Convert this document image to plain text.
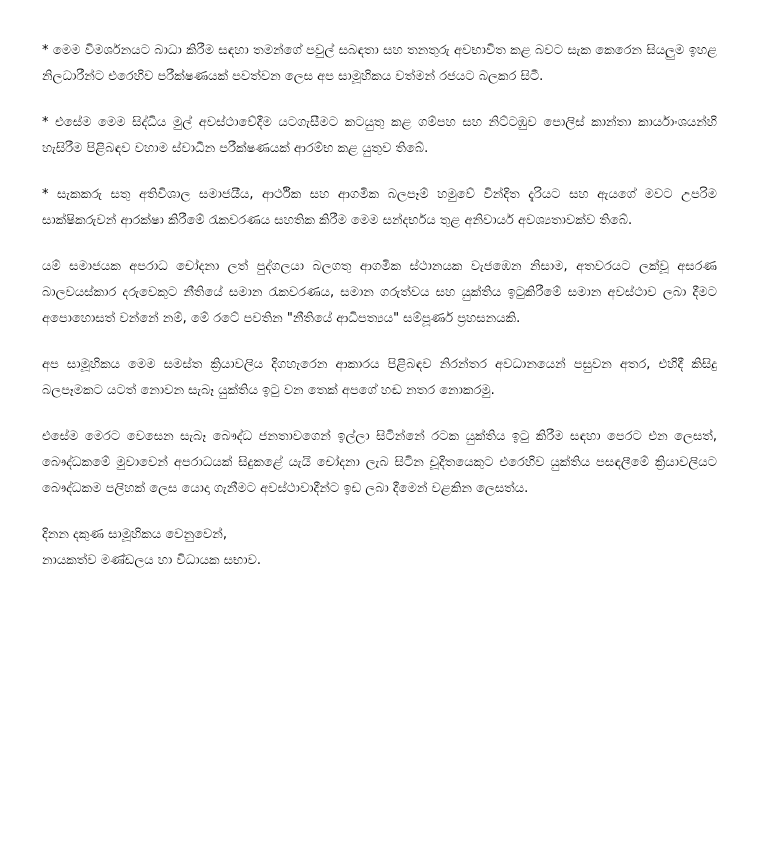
* මෙම විමර්ශනයට බාධා කිරීම සඳහා තමන්ගේ පවුල් සබඳතා සහ තනතුරු අවභාවිත කළ බවට සැක කෙරෙන සියලුම ඉහළ නිලධාරීන්ට එරෙහිව පරීක්ෂණයක් පවත්වන ලෙස අප සාමූහිකය වත්මන් රජයට බලකර සිටී.

* එසේම මෙම සිද්ධිය මුල් අවස්ථාවේදීම යටගැසීමට කටයුතු කළ ගම්පහ සහ නිට්ටඹුව පොලිස් කාන්තා කාර්යාංශයන්හි හැසිරීම පිළිබඳව වහාම ස්වාධීන පරීක්ෂණයක් ආරම්භ කළ යුතුව තිබේ.

* සැකකරු සතු අතිවිශාල සමාජයීය, ආර්ථික සහ ආගමික බලපෑම් හමුවේ වින්දිත දැරියට සහ ඇයගේ මවට උපරිම සාක්ෂිකරුවන් ආරක්ෂා කිරීමේ රැකවරණය සහතික කිරීම මෙම සන්දර්භය තුළ අනිවාර්ය අවශ්‍යතාවක්ව තිබේ.

යම් සමාජයක අපරාධ චෝදනා ලත් පුද්ගලයා බලගතු ආගමික ස්ථානයක වැජඹෙන නිසාම, අතවරයට ලක්වූ අසරණ බාලවයස්කාර දරුවෙකුට නීතියේ සමාන රැකවරණය, සමාන ගරුත්වය සහ යුක්තිය ඉටුකිරීමේ සමාන අවස්ථාව ලබා දීමට අපොහොසත් වන්නේ නම්, මේ රටේ පවතින "නීතියේ ආධිපත්‍යය" සම්පූර්ණ ප්‍රහසනයකි.

අප සාමූහිකය මෙම සමස්ත ක්‍රියාවලිය දිගහැරෙන ආකාරය පිළිබඳව නිරන්තර අවධානයෙන් පසුවන අතර, එහිදී කිසිදු බලපෑමකට යටත් නොවන සැබෑ යුක්තිය ඉටු වන තෙක් අපගේ හඬ නතර නොකරමු.

එසේම මෙරට වෙසෙන සැබෑ බෞද්ධ ජනතාවගෙන් ඉල්ලා සිටින්නේ රටක යුක්තිය ඉටු කිරීම සඳහා පෙරට එන ලෙසත්, බෞද්ධකමේ මුවාවෙන් අපරාධයක් සිදුකළේ යැයි චෝදනා ලැබ සිටින චූදිතයෙකුට එරෙහිව යුක්තිය පසඳලීමේ ක්‍රියාවලියට බෞද්ධකම පලිහක් ලෙස යොදා ගැනීමට අවස්ථාවාදීන්ට ඉඩ ලබා දීමෙන් වළකින ලෙසත්ය.

දිනන දකුණ සාමූහිකය වෙනුවෙන්,
නායකත්ව මණ්ඩලය හා විධායක සභාව.
